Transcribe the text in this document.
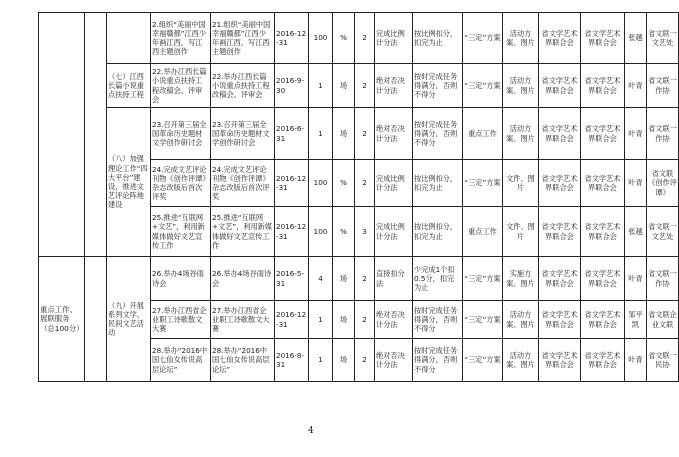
			2.组织“美丽中国 幸福赣都”江西少年画江西，写江西主题创作	21.组织“美丽中国 幸福赣都”江西少年画江西，写江西主题创作	2016-12-31	100	%	2	完成比例计分法	按比例扣分，扣完为止	“三定”方案	活动方案、图片	省文学艺术界联合会	省文学艺术界联合会	张越	省文联一文艺处
		（七）江西长篇小说重点扶持工程	22.举办江西长篇小说重点扶持工程改稿会、评审会	22.举办江西长篇小说重点扶持工程改稿会、评审会	2016-9-30	1	场	2	绝对否决计分法	按时完成任务得满分，否则不得分	“三定”方案	活动方案、图片	省文学艺术界联合会	省文学艺术界联合会	叶青	省文联一作协
		（八）加强理论工作“四大平台”建设，推进文艺评论阵地建设	23.召开第三届全国革命历史题材文学创作研讨会	23.召开第三届全国革命历史题材文学创作研讨会	2016-6-31	1	场	2	绝对否决计分法	按时完成任务得满分，否则不得分	重点工作	活动方案、图片	省文学艺术界联合会	省文学艺术界联合会	叶青	省文联一作协
			24.完成文艺评论刊物《创作评谭》杂志改版后首次评奖	24.完成文艺评论刊物《创作评谭》杂志改版后首次评奖	2016-12-31	100	%	2	完成比例计分法	按比例扣分，扣完为止	“三定”方案	文件、图片	省文学艺术界联合会	省文学艺术界联合会	叶青	省文联《创作评谭》
			25.推进“互联网+文艺”，利用新媒体做好文艺宣传工作	25.推进“互联网+文艺”，利用新媒体做好文艺宣传工作	2016-12-31	100	%	3	完成比例计分法	按比例扣分，扣完为止	重点工作	文件、图片	省文学艺术界联合会	省文学艺术界联合会	张越	省文联一文艺处
重点工作、展联服务（总100分）		（九）开展系列文学、民间文艺活动	26.举办4场谷雨诗会	26.举办4场谷雨诗会	2016-5-31	4	场	2	直接扣分法	少完成1个扣0.5分，扣完为止	“三定”方案	实施方案、图片	省文学艺术界联合会	省文学艺术界联合会	叶青	省文联一作协
			27.举办江西省企业职工诗歌散文大赛	27.举办江西省企业职工诗歌散文大赛	2016-12-31	1	场	2	绝对否决计分法	按时完成任务得满分，否则不得分	“三定”方案	活动方案、图片	省文学艺术界联合会	省文学艺术界联合会	邹平凯	省文联企业文联
			28.举办“2016中国七仙女传说高层论坛”	28.举办“2016中国七仙女传说高层论坛”	2016-8-31	1	场	2	绝对否决计分法	按时完成任务得满分，否则不得分	“三定”方案	活动方案、图片	省文学艺术界联合会	省文学艺术界联合会	叶青	省文联一民协
4
